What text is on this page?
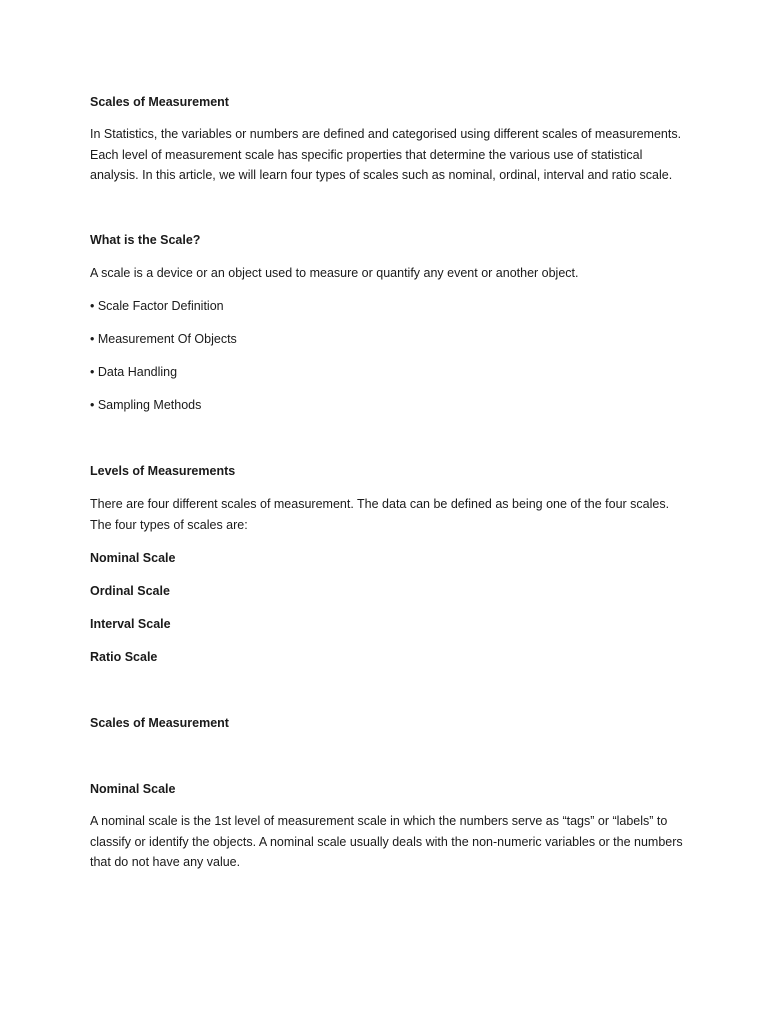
Scales of Measurement

In Statistics, the variables or numbers are defined and categorised using different scales of measurements. Each level of measurement scale has specific properties that determine the various use of statistical analysis. In this article, we will learn four types of scales such as nominal, ordinal, interval and ratio scale.

What is the Scale?

A scale is a device or an object used to measure or quantify any event or another object.

• Scale Factor Definition

• Measurement Of Objects

• Data Handling

• Sampling Methods

Levels of Measurements

There are four different scales of measurement. The data can be defined as being one of the four scales. The four types of scales are:

Nominal Scale

Ordinal Scale

Interval Scale

Ratio Scale

Scales of Measurement

Nominal Scale

A nominal scale is the 1st level of measurement scale in which the numbers serve as “tags” or “labels” to classify or identify the objects. A nominal scale usually deals with the non-numeric variables or the numbers that do not have any value.
